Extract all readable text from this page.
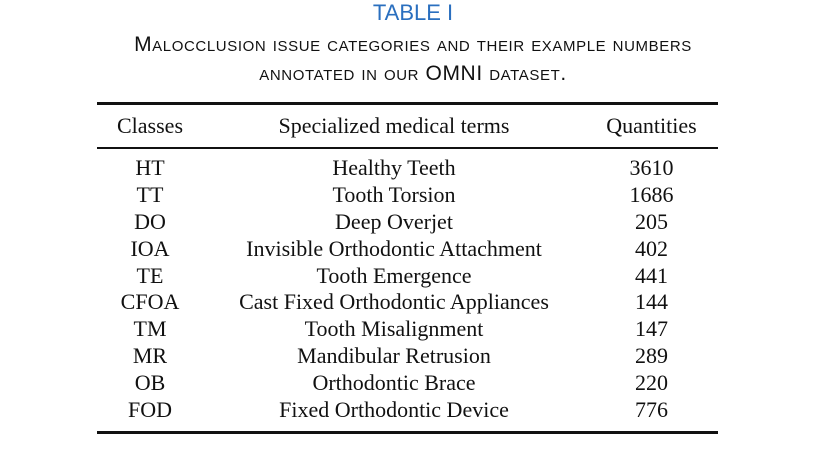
TABLE I
Malocclusion issue categories and their example numbers
annotated in our OMNI dataset.
Classes	Specialized medical terms	Quantities
HT	Healthy Teeth	3610
TT	Tooth Torsion	1686
DO	Deep Overjet	205
IOA	Invisible Orthodontic Attachment	402
TE	Tooth Emergence	441
CFOA	Cast Fixed Orthodontic Appliances	144
TM	Tooth Misalignment	147
MR	Mandibular Retrusion	289
OB	Orthodontic Brace	220
FOD	Fixed Orthodontic Device	776
